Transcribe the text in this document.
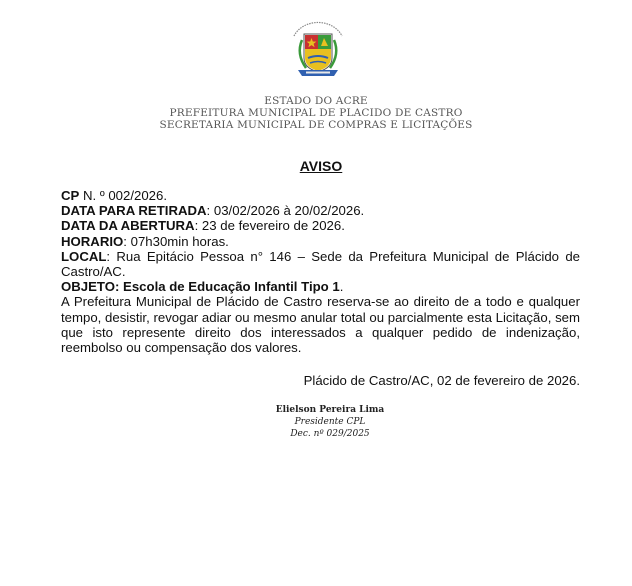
ESTADO DO ACRE
PREFEITURA MUNICIPAL DE PLACIDO DE CASTRO
SECRETARIA MUNICIPAL DE COMPRAS E LICITAÇÕES
AVISO
CP N. º 002/2026.
DATA PARA RETIRADA: 03/02/2026 à 20/02/2026.
DATA DA ABERTURA: 23 de fevereiro de 2026.
HORARIO: 07h30min horas.
LOCAL: Rua Epitácio Pessoa n° 146 – Sede da Prefeitura Municipal de Plácido de Castro/AC.
OBJETO: Escola de Educação Infantil Tipo 1.
A Prefeitura Municipal de Plácido de Castro reserva-se ao direito de a todo e qualquer tempo, desistir, revogar adiar ou mesmo anular total ou parcialmente esta Licitação, sem que isto represente direito dos interessados a qualquer pedido de indenização, reembolso ou compensação dos valores.
Plácido de Castro/AC, 02 de fevereiro de 2026.
Elielson Pereira Lima
Presidente CPL
Dec. nº 029/2025
